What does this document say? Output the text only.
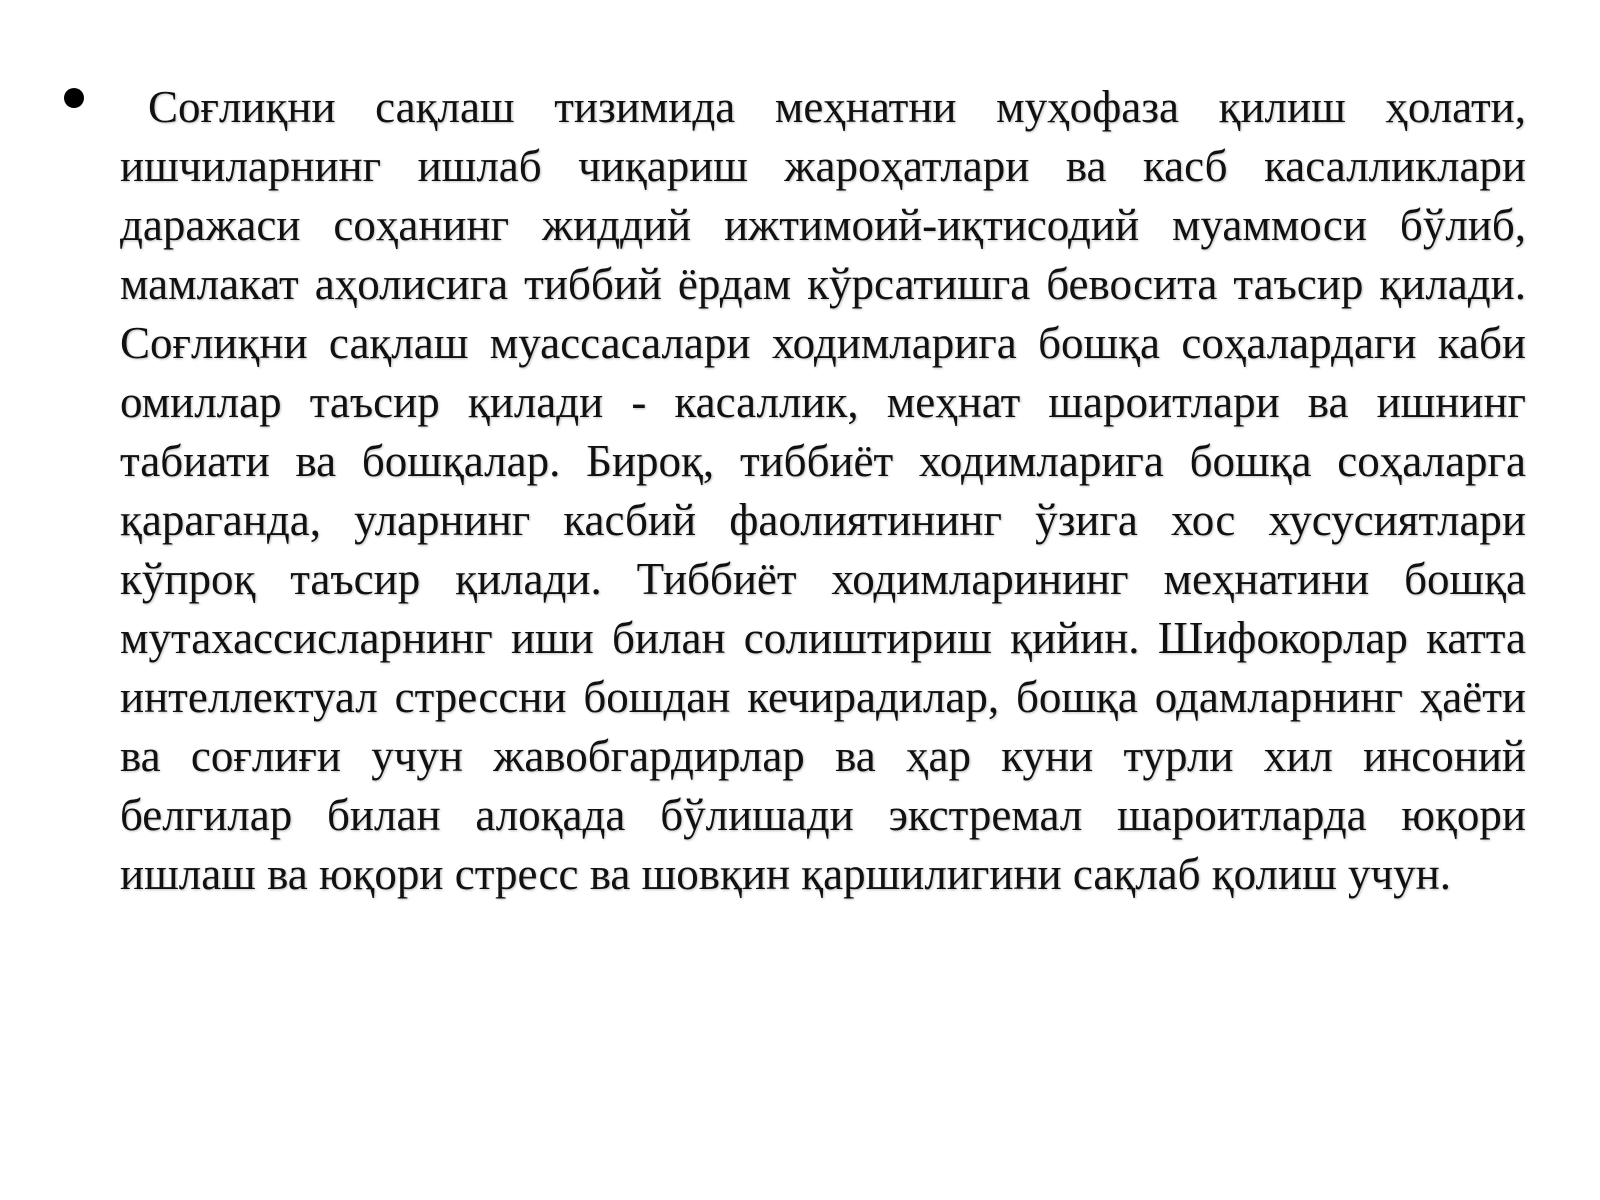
Соғлиқни сақлаш тизимида меҳнатни муҳофаза қилиш ҳолати, ишчиларнинг ишлаб чиқариш жароҳатлари ва касб касалликлари даражаси соҳанинг жиддий ижтимоий-иқтисодий муаммоси бўлиб, мамлакат аҳолисига тиббий ёрдам кўрсатишга бевосита таъсир қилади. Соғлиқни сақлаш муассасалари ходимларига бошқа соҳалардаги каби омиллар таъсир қилади - касаллик, меҳнат шароитлари ва ишнинг табиати ва бошқалар. Бироқ, тиббиёт ходимларига бошқа соҳаларга қараганда, уларнинг касбий фаолиятининг ўзига хос хусусиятлари кўпроқ таъсир қилади. Тиббиёт ходимларининг меҳнатини бошқа мутахассисларнинг иши билан солиштириш қийин. Шифокорлар катта интеллектуал стрессни бошдан кечирадилар, бошқа одамларнинг ҳаёти ва соғлиғи учун жавобгардирлар ва ҳар куни турли хил инсоний белгилар билан алоқада бўлишади экстремал шароитларда юқори ишлаш ва юқори стресс ва шовқин қаршилигини сақлаб қолиш учун.
